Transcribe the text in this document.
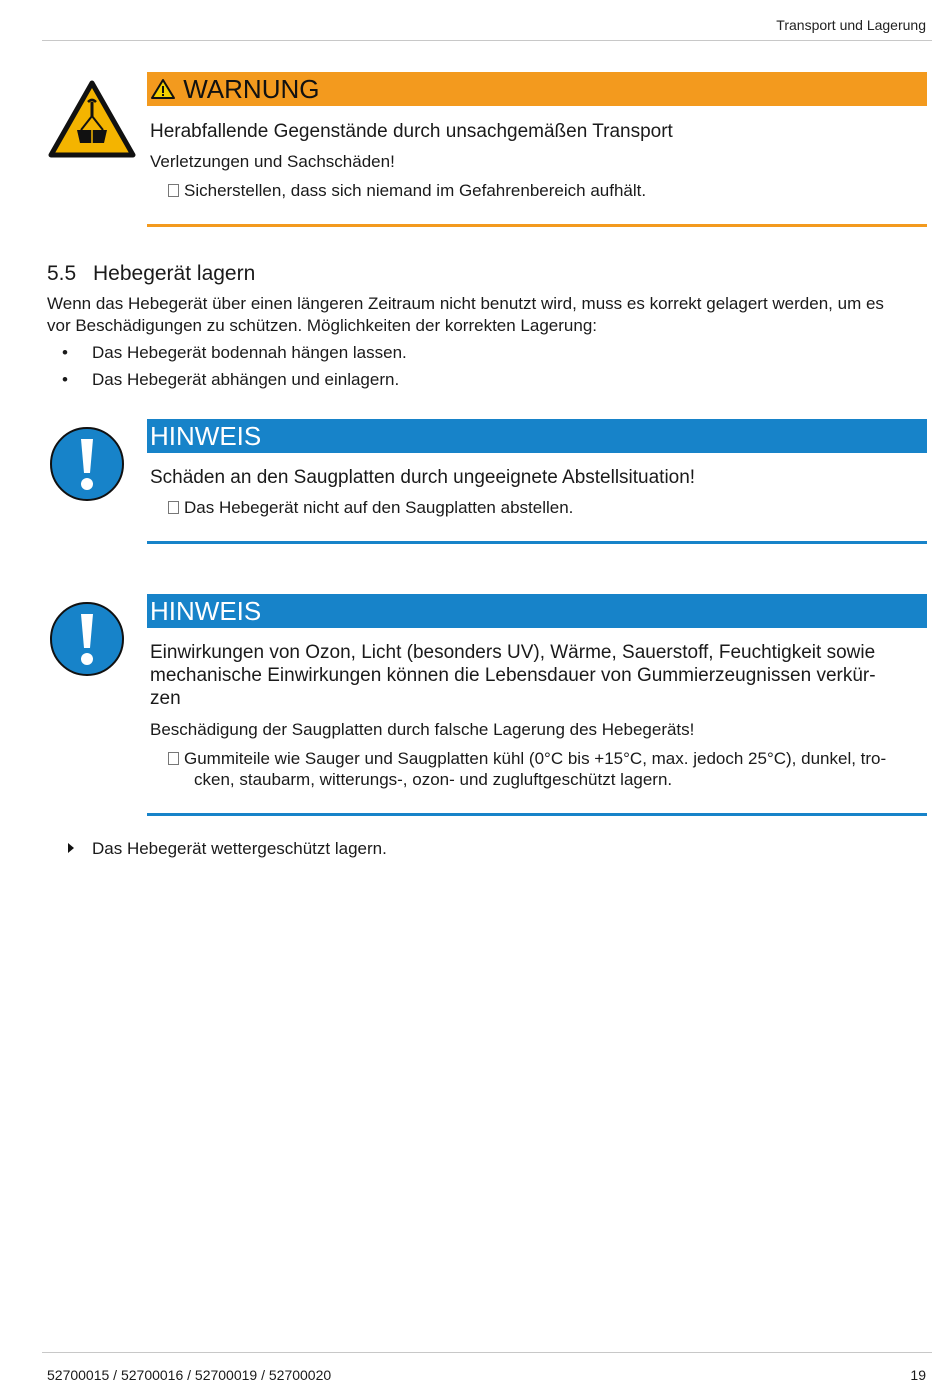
Transport und Lagerung
WARNUNG
Herabfallende Gegenstände durch unsachgemäßen Transport
Verletzungen und Sachschäden!
Sicherstellen, dass sich niemand im Gefahrenbereich aufhält.
5.5 Hebegerät lagern
Wenn das Hebegerät über einen längeren Zeitraum nicht benutzt wird, muss es korrekt gelagert werden, um es
vor Beschädigungen zu schützen. Möglichkeiten der korrekten Lagerung:
• Das Hebegerät bodennah hängen lassen.
• Das Hebegerät abhängen und einlagern.
HINWEIS
Schäden an den Saugplatten durch ungeeignete Abstellsituation!
Das Hebegerät nicht auf den Saugplatten abstellen.
HINWEIS
Einwirkungen von Ozon, Licht (besonders UV), Wärme, Sauerstoff, Feuchtigkeit sowie
mechanische Einwirkungen können die Lebensdauer von Gummierzeugnissen verkür-
zen
Beschädigung der Saugplatten durch falsche Lagerung des Hebegeräts!
Gummiteile wie Sauger und Saugplatten kühl (0°C bis +15°C, max. jedoch 25°C), dunkel, tro-
cken, staubarm, witterungs-, ozon- und zugluftgeschützt lagern.
Das Hebegerät wettergeschützt lagern.
52700015 / 52700016 / 52700019 / 52700020	19
